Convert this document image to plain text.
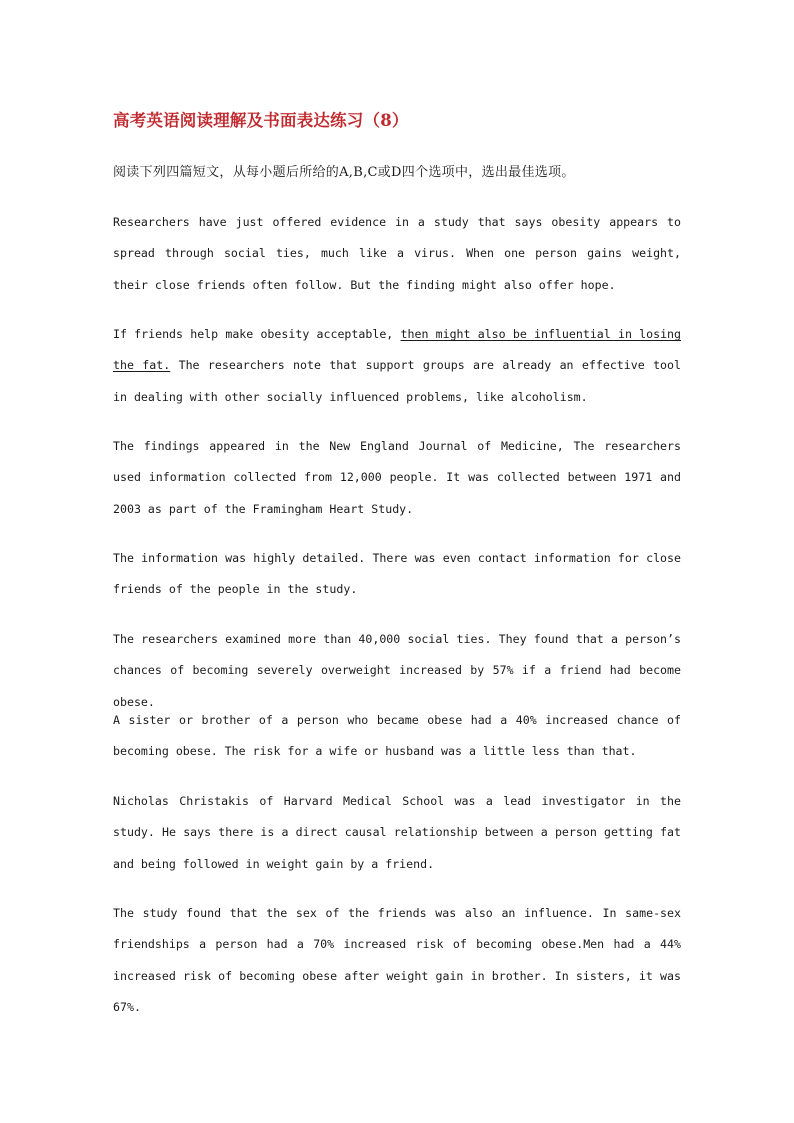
高考英语阅读理解及书面表达练习（8）

阅读下列四篇短文，从每小题后所给的A,B,C或D四个选项中，选出最佳选项。

Researchers have just offered evidence in a study that says obesity appears to spread through social ties, much like a virus. When one person gains weight, their close friends often follow. But the finding might also offer hope.

If friends help make obesity acceptable, then might also be influential in losing the fat. The researchers note that support groups are already an effective tool in dealing with other socially influenced problems, like alcoholism.

The findings appeared in the New England Journal of Medicine, The researchers used information collected from 12,000 people. It was collected between 1971 and 2003 as part of the Framingham Heart Study.

The information was highly detailed. There was even contact information for close friends of the people in the study.

The researchers examined more than 40,000 social ties. They found that a person’s chances of becoming severely overweight increased by 57% if a friend had become obese.

A sister or brother of a person who became obese had a 40% increased chance of becoming obese. The risk for a wife or husband was a little less than that.

Nicholas Christakis of Harvard Medical School was a lead investigator in the study. He says there is a direct causal relationship between a person getting fat and being followed in weight gain by a friend.

The study found that the sex of the friends was also an influence. In same-sex friendships a person had a 70% increased risk of becoming obese.Men had a 44% increased risk of becoming obese after weight gain in brother. In sisters, it was 67%.
